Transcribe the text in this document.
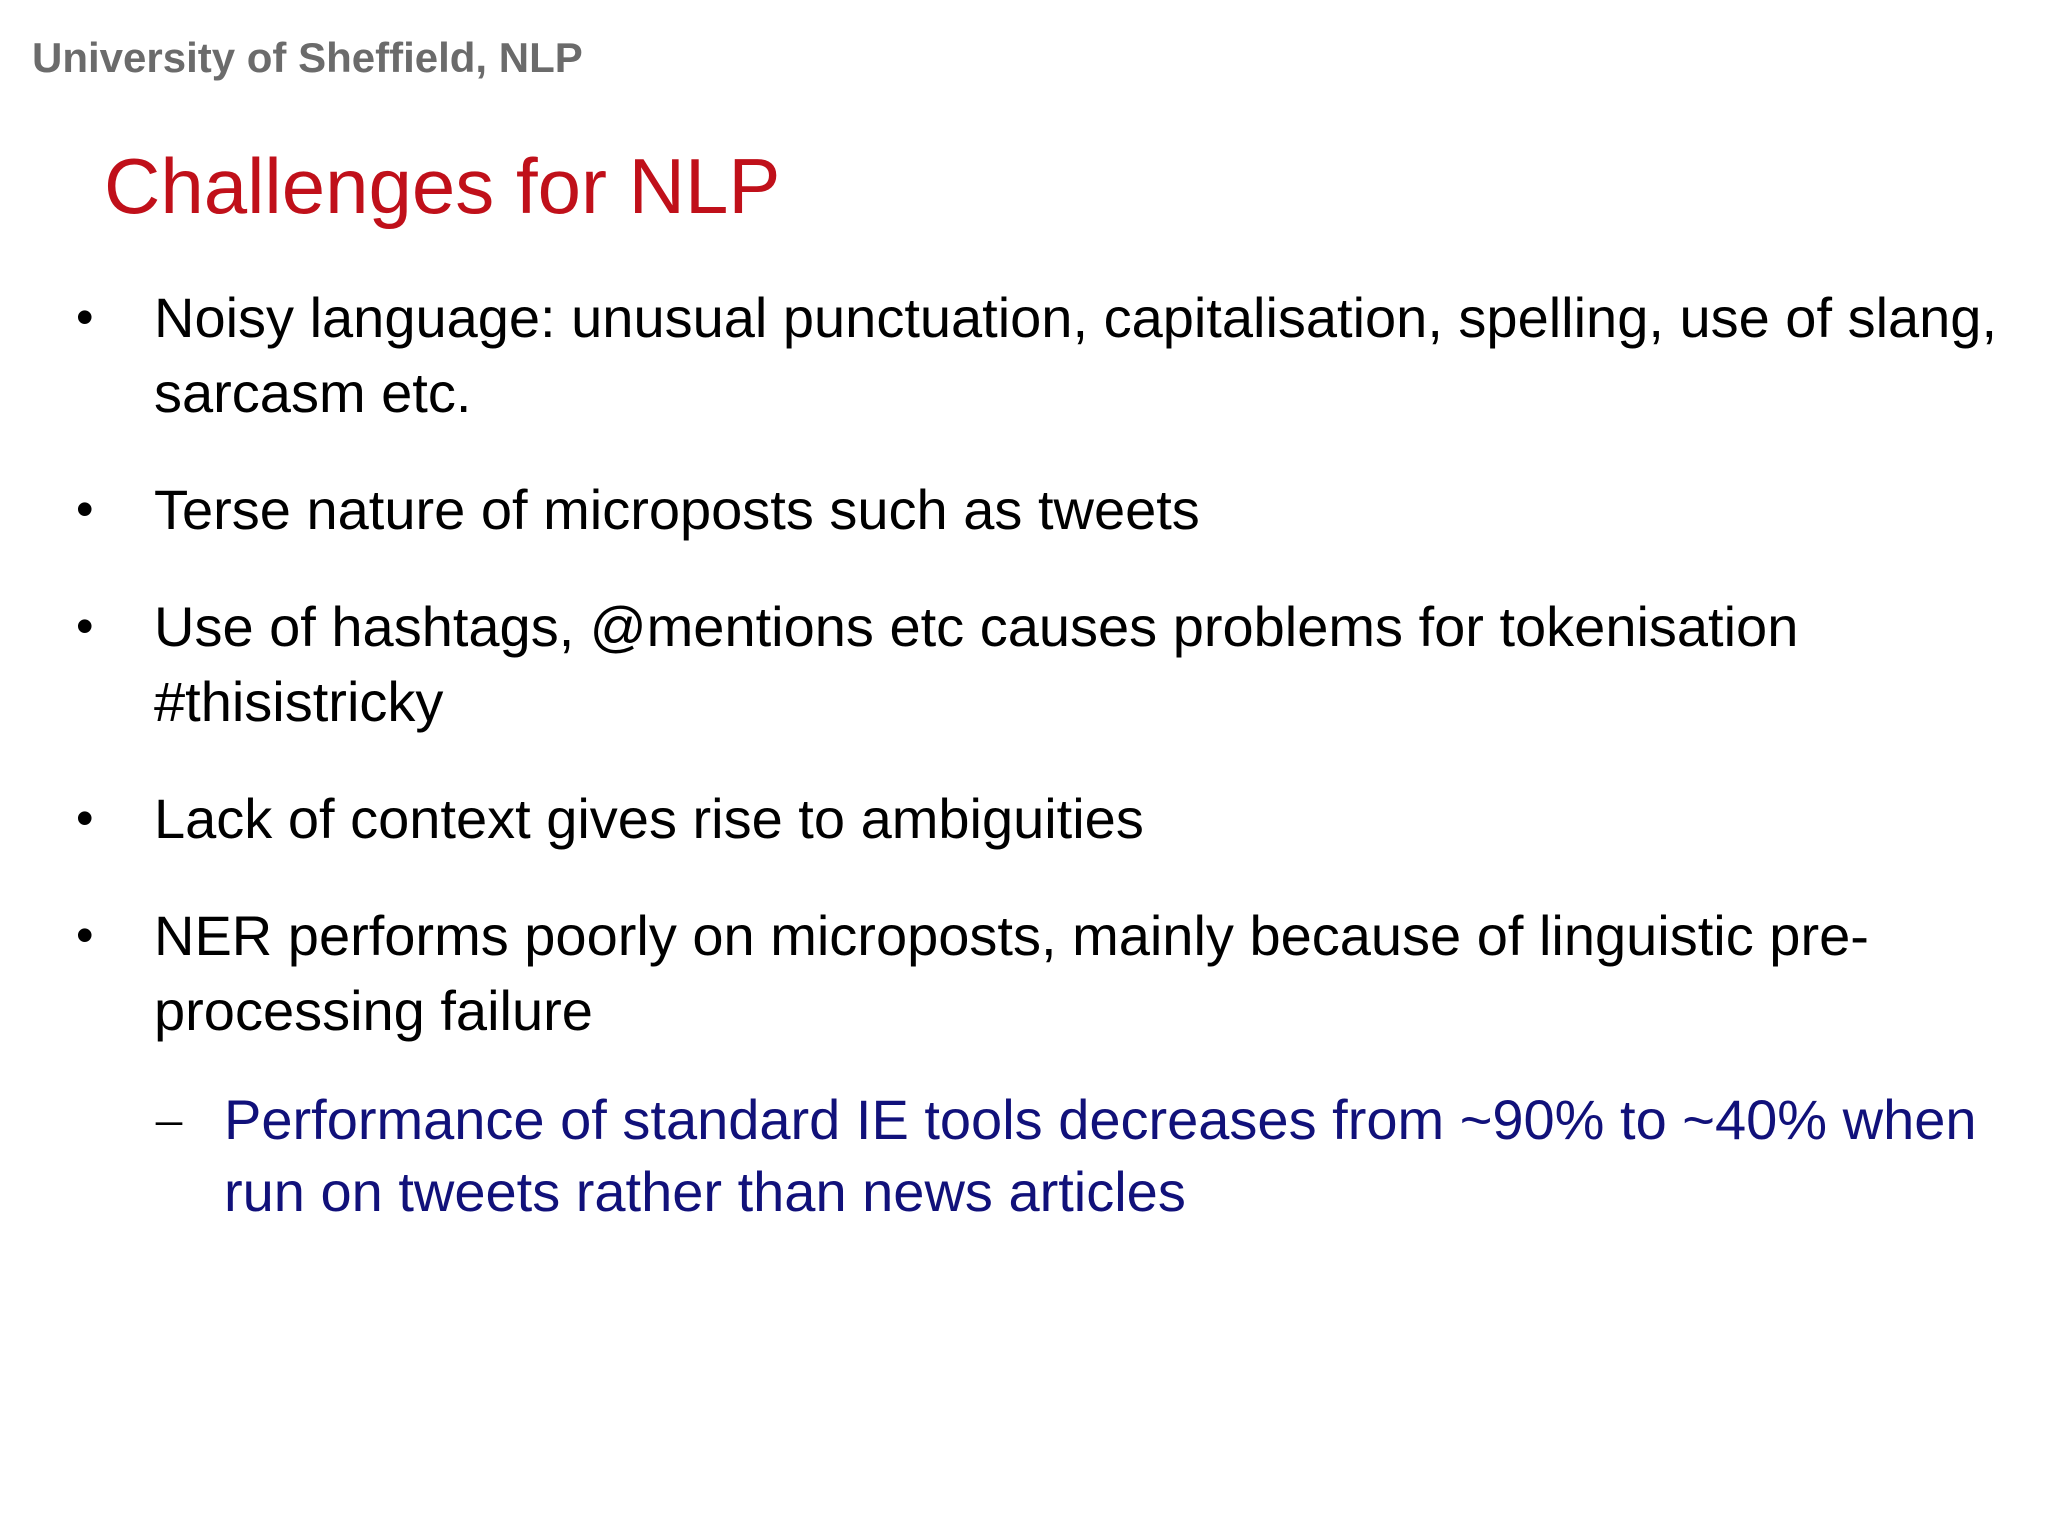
University of Sheffield, NLP
Challenges for NLP
• Noisy language: unusual punctuation, capitalisation, spelling, use of slang, sarcasm etc.
• Terse nature of microposts such as tweets
• Use of hashtags, @mentions etc causes problems for tokenisation #thisistricky
• Lack of context gives rise to ambiguities
• NER performs poorly on microposts, mainly because of linguistic pre-processing failure
– Performance of standard IE tools decreases from ~90% to ~40% when run on tweets rather than news articles
